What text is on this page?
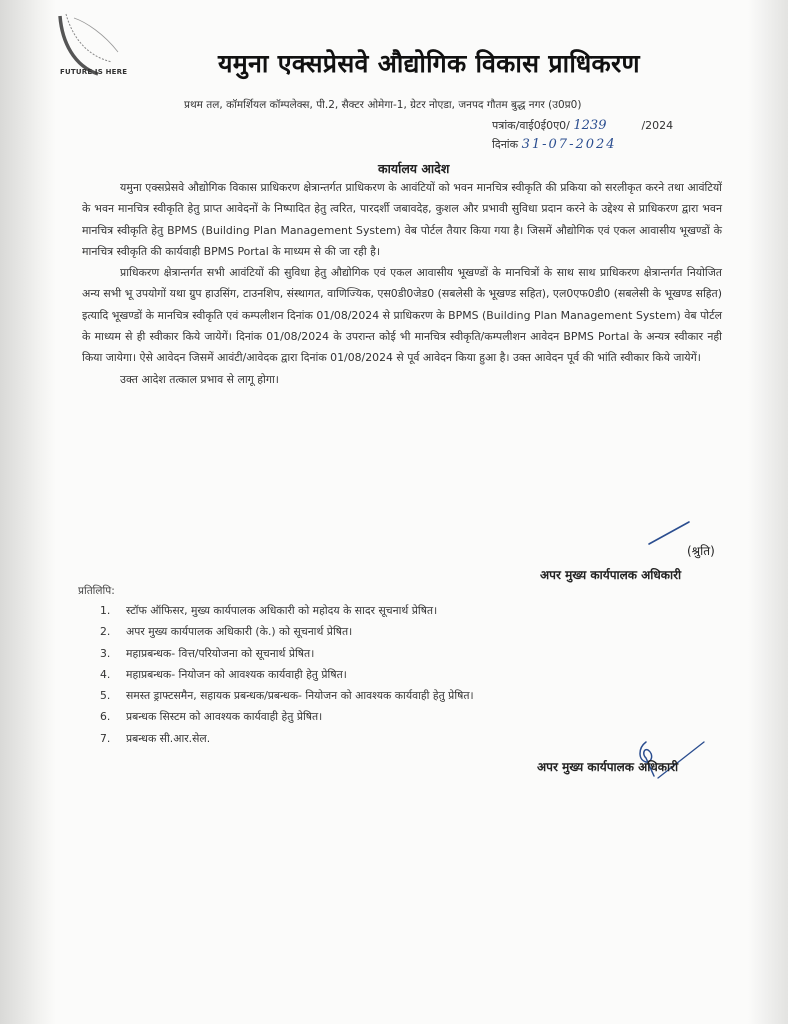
FUTURE IS HERE	यमुना एक्सप्रेसवे औद्योगिक विकास प्राधिकरण
प्रथम तल, कॉमर्शियल कॉम्पलेक्स, पी.2, सैक्टर ओमेगा-1, ग्रेटर नोएडा, जनपद गौतम बुद्ध नगर (उ0प्र0)
पत्रांक/वाई0ई0ए0/ 1239	/2024
दिनांक 31-07-2024
कार्यालय आदेश

यमुना एक्सप्रेसवे औद्योगिक विकास प्राधिकरण क्षेत्रान्तर्गत प्राधिकरण के आवंटियों को भवन मानचित्र स्वीकृति की प्रकिया को सरलीकृत करने तथा आवंटियों के भवन मानचित्र स्वीकृति हेतु प्राप्त आवेदनों के निष्पादित हेतु त्वरित, पारदर्शी जबावदेह, कुशल और प्रभावी सुविधा प्रदान करने के उद्देश्य से प्राधिकरण द्वारा भवन मानचित्र स्वीकृति हेतु BPMS (Building Plan Management System) वेब पोर्टल तैयार किया गया है। जिसमें औद्योगिक एवं एकल आवासीय भूखण्डों के मानचित्र स्वीकृति की कार्यवाही BPMS Portal के माध्यम से की जा रही है।

प्राधिकरण क्षेत्रान्तर्गत सभी आवंटियों की सुविधा हेतु औद्योगिक एवं एकल आवासीय भूखण्डों के मानचित्रों के साथ साथ प्राधिकरण क्षेत्रान्तर्गत नियोजित अन्य सभी भू उपयोगों यथा ग्रुप हाउसिंग, टाउनशिप, संस्थागत, वाणिज्यिक, एस0डी0जेड0 (सबलेसी के भूखण्ड सहित), एल0एफ0डी0 (सबलेसी के भूखण्ड सहित) इत्यादि भूखण्डों के मानचित्र स्वीकृति एवं कम्पलीशन दिनांक 01/08/2024 से प्राधिकरण के BPMS (Building Plan Management System) वेब पोर्टल के माध्यम से ही स्वीकार किये जायेगें। दिनांक 01/08/2024 के उपरान्त कोई भी मानचित्र स्वीकृति/कम्पलीशन आवेदन BPMS Portal के अन्यत्र स्वीकार नही किया जायेगा। ऐसे आवेदन जिसमें आवंटी/आवेदक द्वारा दिनांक 01/08/2024 से पूर्व आवेदन किया हुआ है। उक्त आवेदन पूर्व की भांति स्वीकार किये जायेगें।

उक्त आदेश तत्काल प्रभाव से लागू होगा।

(श्रुति)
अपर मुख्य कार्यपालक अधिकारी
प्रतिलिपि:
1. स्टॉफ ऑफिसर, मुख्य कार्यपालक अधिकारी को महोदय के सादर सूचनार्थ प्रेषित।
2. अपर मुख्य कार्यपालक अधिकारी (के.) को सूचनार्थ प्रेषित।
3. महाप्रबन्धक- वित्त/परियोजना को सूचनार्थ प्रेषित।
4. महाप्रबन्धक- नियोजन को आवश्यक कार्यवाही हेतु प्रेषित।
5. समस्त ड्राफ्टसमैन, सहायक प्रबन्धक/प्रबन्धक- नियोजन को आवश्यक कार्यवाही हेतु प्रेषित।
6. प्रबन्धक सिस्टम को आवश्यक कार्यवाही हेतु प्रेषित।
7. प्रबन्धक सी.आर.सेल.
अपर मुख्य कार्यपालक अधिकारी
